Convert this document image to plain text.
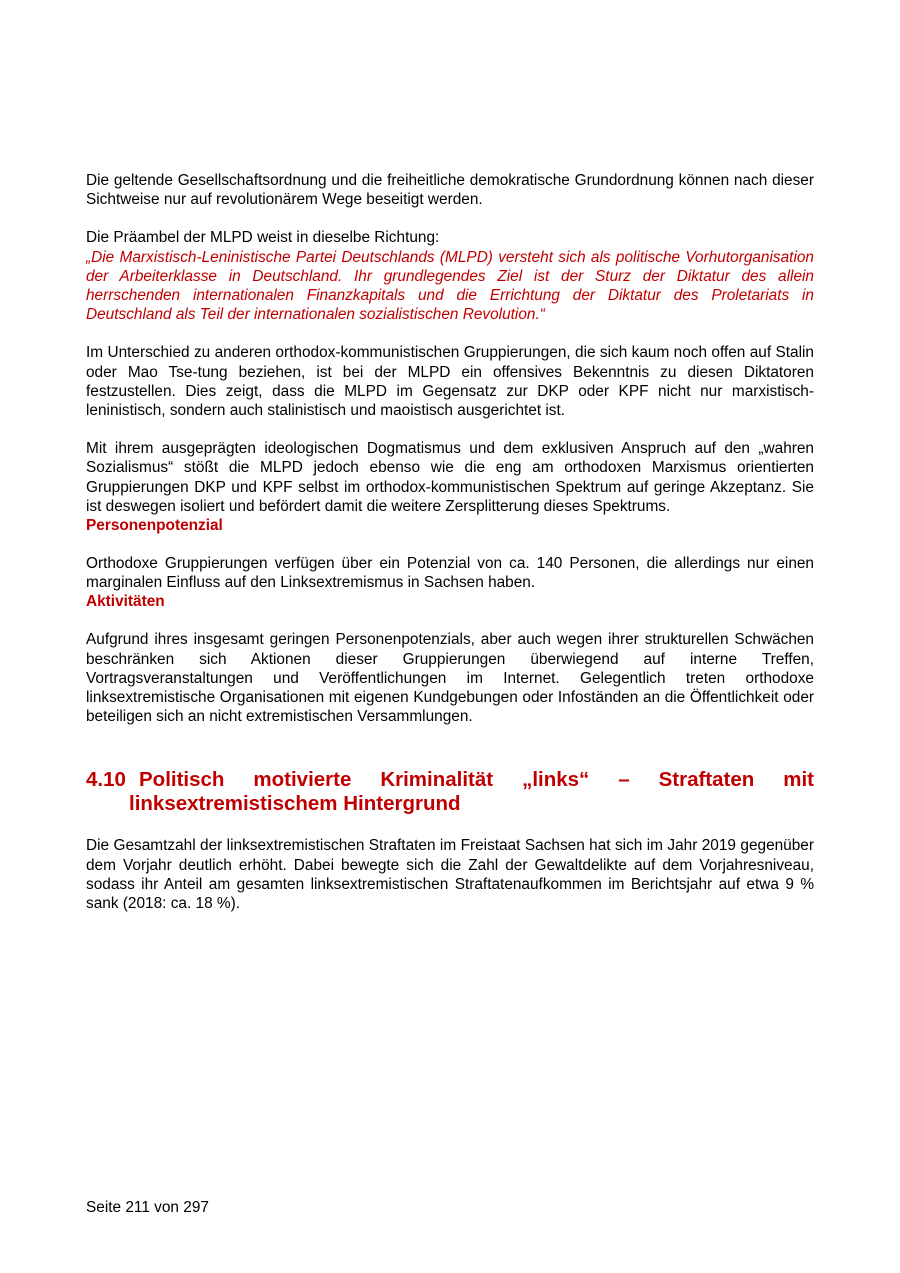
Die geltende Gesellschaftsordnung und die freiheitliche demokratische Grundordnung können nach dieser Sichtweise nur auf revolutionärem Wege beseitigt werden.

Die Präambel der MLPD weist in dieselbe Richtung:

„Die Marxistisch-Leninistische Partei Deutschlands (MLPD) versteht sich als politische Vorhutorganisation der Arbeiterklasse in Deutschland. Ihr grundlegendes Ziel ist der Sturz der Diktatur des allein herrschenden internationalen Finanzkapitals und die Errichtung der Diktatur des Proletariats in Deutschland als Teil der internationalen sozialistischen Revolution.“

Im Unterschied zu anderen orthodox-kommunistischen Gruppierungen, die sich kaum noch offen auf Stalin oder Mao Tse-tung beziehen, ist bei der MLPD ein offensives Bekenntnis zu diesen Diktatoren festzustellen. Dies zeigt, dass die MLPD im Gegensatz zur DKP oder KPF nicht nur marxistisch-leninistisch, sondern auch stalinistisch und maoistisch ausgerichtet ist.

Mit ihrem ausgeprägten ideologischen Dogmatismus und dem exklusiven Anspruch auf den „wahren Sozialismus“ stößt die MLPD jedoch ebenso wie die eng am orthodoxen Marxismus orientierten Gruppierungen DKP und KPF selbst im orthodox-kommunistischen Spektrum auf geringe Akzeptanz. Sie ist deswegen isoliert und befördert damit die weitere Zersplitterung dieses Spektrums.

Personenpotenzial

Orthodoxe Gruppierungen verfügen über ein Potenzial von ca. 140 Personen, die allerdings nur einen marginalen Einfluss auf den Linksextremismus in Sachsen haben.

Aktivitäten

Aufgrund ihres insgesamt geringen Personenpotenzials, aber auch wegen ihrer strukturellen Schwächen beschränken sich Aktionen dieser Gruppierungen überwiegend auf interne Treffen, Vortragsveranstaltungen und Veröffentlichungen im Internet. Gelegentlich treten orthodoxe linksextremistische Organisationen mit eigenen Kundgebungen oder Infoständen an die Öffentlichkeit oder beteiligen sich an nicht extremistischen Versammlungen.

4.10 Politisch motivierte Kriminalität „links“ – Straftaten mit
linksextremistischem Hintergrund

Die Gesamtzahl der linksextremistischen Straftaten im Freistaat Sachsen hat sich im Jahr 2019 gegenüber dem Vorjahr deutlich erhöht. Dabei bewegte sich die Zahl der Gewaltdelikte auf dem Vorjahresniveau, sodass ihr Anteil am gesamten linksextremistischen Straftatenaufkommen im Berichtsjahr auf etwa 9 % sank (2018: ca. 18 %).

Seite 211 von 297
